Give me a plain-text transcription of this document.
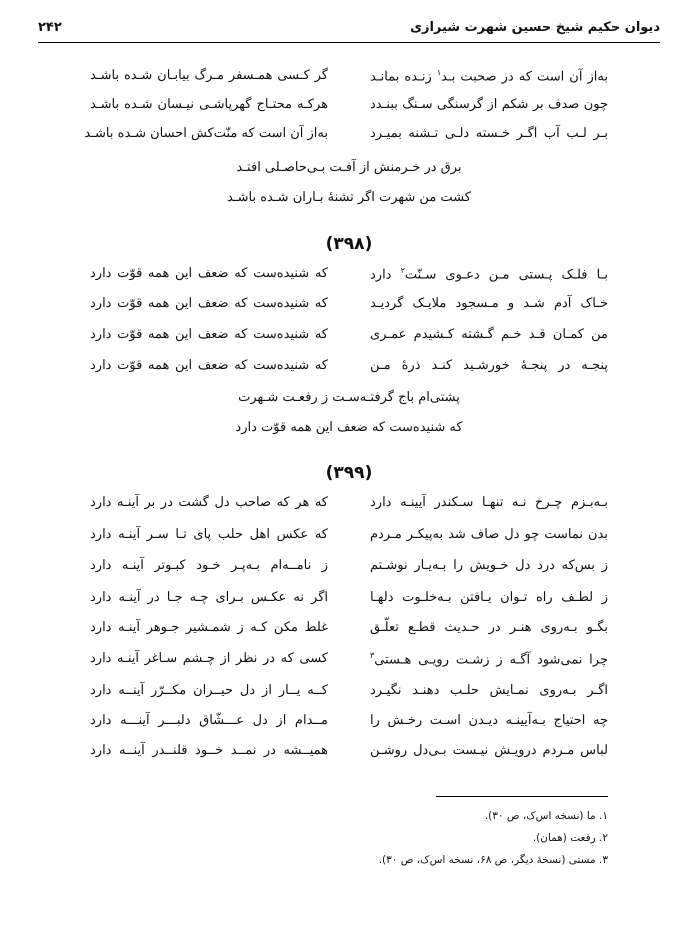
دیوان حکیم شیخ حسین شهرت شیرازی
۲۴۲
به‌از آن است که در صحبت بـد$^۱$ زنـده بمانـد
گر کـسی همـسفر مـرگ بیابـان شـده باشـد
چون صدف بر شکم از گرسنگی سـنگ ببنـدد
هرکـه محتـاج گهرپاشـی نیـسان شـده باشـد
بـر لـب آب اگـر خـسته دلـی تـشنه بمیـرد
به‌از آن است که منّت‌کش احسان شـده باشـد
برق در خـرمنش از آفـت بـی‌حاصـلی افتـد
کشت من شهرت اگر تشنهٔ بـاران شـده باشـد
(۳۹۸)
بـا فلـک پـستی مـن دعـوی سـنّت$^۲$ دارد
که شنیده‌ست که ضعف این همه قوّت دارد
خـاک آدم شـد و مـسجود ملایـک گردیـد
که شنیده‌ست که ضعف این همه قوّت دارد
من کمـان قـد خـم گـشته کـشیدم عمـری
که شنیده‌ست که ضعف این همه قوّت دارد
پنجـه در پنجـهٔ خورشـید کنـد ذرهٔ مـن
که شنیده‌ست که ضعف این همه قوّت دارد
پشتی‌ام باج گرفتـه‌سـت ز رفعـت شـهرت
که شنیده‌ست که ضعف این همه قوّت دارد
(۳۹۹)
بـه‌بـزم چـرخ نـه تنهـا سـکندر آیینـه دارد
که هر که صاحب دل گشت در بر آینـه دارد
بدن نماست چو دل صاف شد به‌پیکـر مـردم
که عکس اهل حلب پای تـا سـر آینـه دارد
ز بس‌که درد دل خـویش را بـه‌یـار نوشـتم
ز نامــه‌ام بـه‌پـر خـود کبـوتر آینـه دارد
ز لطـف راه تـوان یـافتن بـه‌خلـوت دلهـا
اگر نه عکـس بـرای چـه جـا در آینـه دارد
بگـو بـه‌روی هنـر در حـدیث قطـع تعلّـق
غلط مکن کـه ز شمـشیر جـوهر آینـه دارد
چرا نمی‌شود آگـه ز زشـت رویـی هـستی$^۳$
کسی که در نظر از چـشم سـاغر آینـه دارد
اگـر بـه‌روی نمـایش حلـب دهنـد نگیـرد
کــه یــار از دل حیــران مکــرّر آینــه دارد
چه احتیاج بـه‌آیینـه دیـدن اسـت رخـش را
مــدام از دل عـــشّاق دلبـــر آینـــه دارد
لباس مـردم درویـش نیـست بـی‌دل روشـن
همیــشه در نمــد خــود قلنــدر آینــه دارد
۱. ما (نسخه اس‌ک، ص ۳۰).
۲. رفعت (همان).
۳. مستی (نسخهٔ دیگر، ص ۶۸، نسخه اس‌ک، ص ۳۰).
